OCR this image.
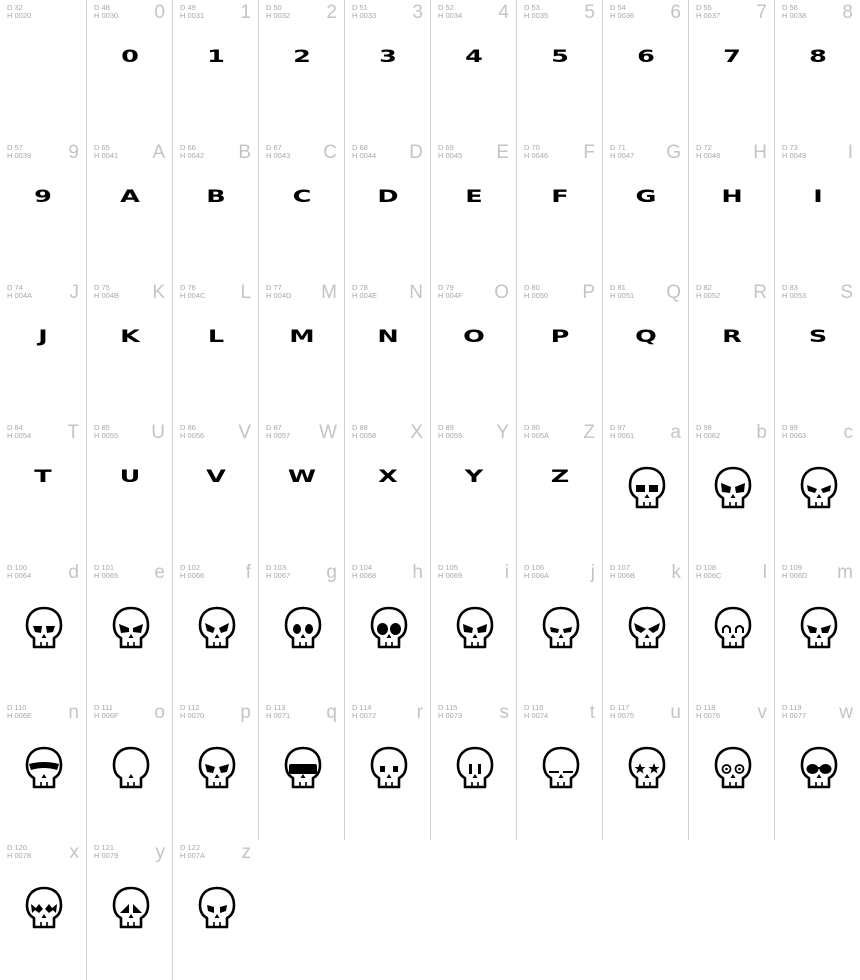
D 32
H 0020
D 48
H 0030 0
0
D 49
H 0031 1
1
D 50
H 0032 2
2
D 51
H 0033 3
3
D 52
H 0034 4
4
D 53
H 0035 5
5
D 54
H 0036 6
6
D 55
H 0037 7
7
D 56
H 0038 8
8
D 57
H 0039 9
9
D 65
H 0041 A
A
D 66
H 0042 B
B
D 67
H 0043 C
C
D 68
H 0044 D
D
D 69
H 0045 E
E
D 70
H 0046 F
F
D 71
H 0047 G
G
D 72
H 0048 H
H
D 73
H 0049 I
I
D 74
H 004A J
J
D 75
H 004B K
K
D 76
H 004C L
L
D 77
H 004D M
M
D 78
H 004E N
N
D 79
H 004F O
O
D 80
H 0050 P
P
D 81
H 0051 Q
Q
D 82
H 0052 R
R
D 83
H 0053 S
S
D 84
H 0054 T
T
D 85
H 0055 U
U
D 86
H 0056 V
V
D 87
H 0057 W
W
D 88
H 0058 X
X
D 89
H 0059 Y
Y
D 90
H 005A Z
Z
D 97
H 0061 a D 98
H 0062 b D 99
H 0063 c
D 100
H 0064 d D 101
H 0065 e D 102
H 0066 f D 103
H 0067 g D 104
H 0068 h D 105
H 0069 i D 106
H 006A j D 107
H 006B k D 108
H 006C l D 109
H 006D m
D 110
H 006E n D 111
H 006F o D 112
H 0070 p D 113
H 0071 q D 114
H 0072 r D 115
H 0073 s D 116
H 0074 t D 117
H 0075 u D 118
H 0076 v D 119
H 0077 w
D 120
H 0078 x D 121
H 0079 y D 122
H 007A z
